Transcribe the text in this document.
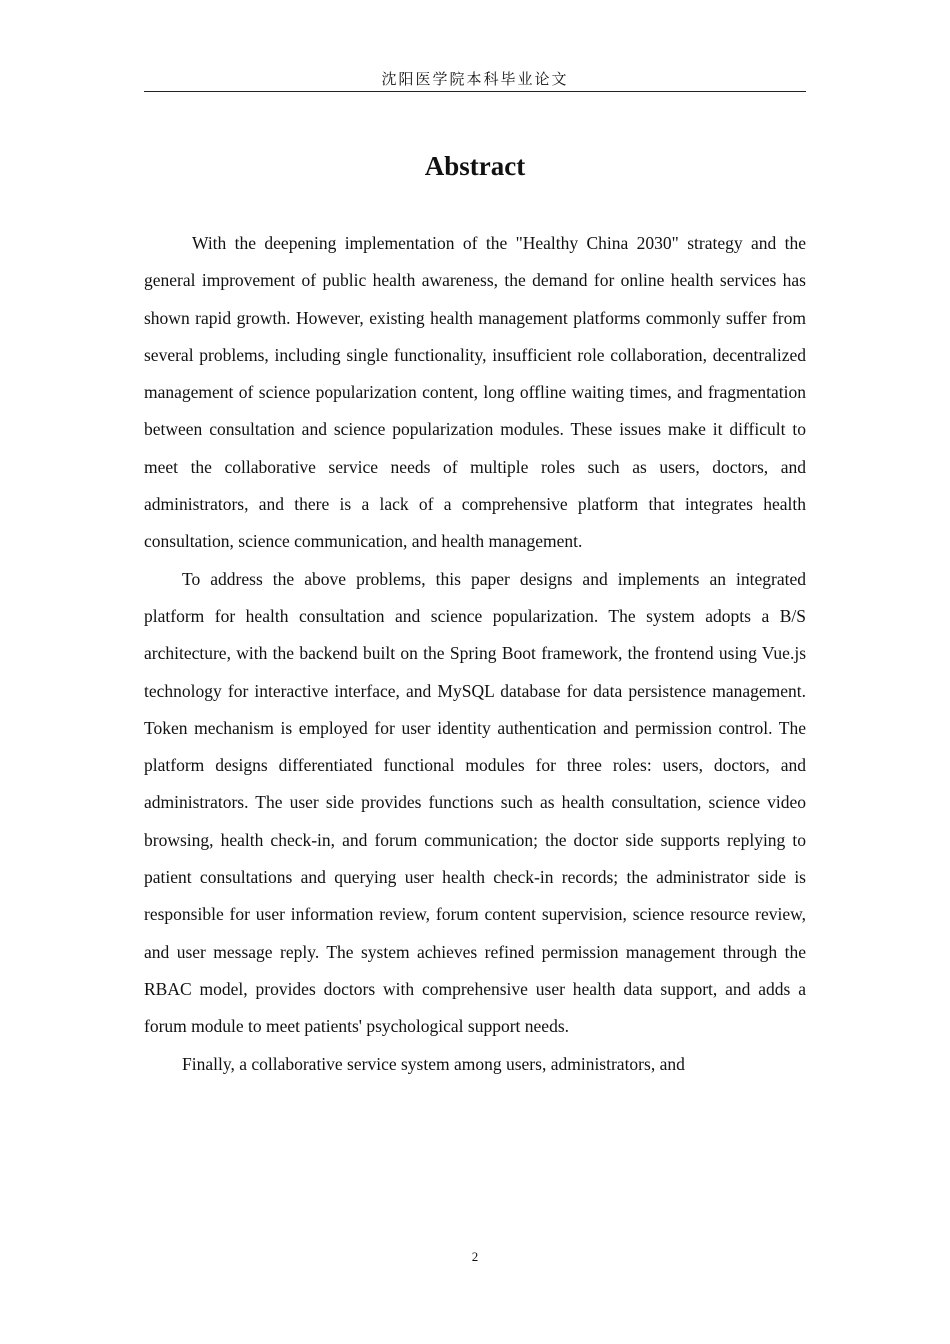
沈阳医学院本科毕业论文
Abstract

With the deepening implementation of the "Healthy China 2030" strategy and the general improvement of public health awareness, the demand for online health services has shown rapid growth. However, existing health management platforms commonly suffer from several problems, including single functionality, insufficient role collaboration, decentralized management of science popularization content, long offline waiting times, and fragmentation between consultation and science popularization modules. These issues make it difficult to meet the collaborative service needs of multiple roles such as users, doctors, and administrators, and there is a lack of a comprehensive platform that integrates health consultation, science communication, and health management.

To address the above problems, this paper designs and implements an integrated platform for health consultation and science popularization. The system adopts a B/S architecture, with the backend built on the Spring Boot framework, the frontend using Vue.js technology for interactive interface, and MySQL database for data persistence management. Token mechanism is employed for user identity authentication and permission control. The platform designs differentiated functional modules for three roles: users, doctors, and administrators. The user side provides functions such as health consultation, science video browsing, health check-in, and forum communication; the doctor side supports replying to patient consultations and querying user health check-in records; the administrator side is responsible for user information review, forum content supervision, science resource review, and user message reply. The system achieves refined permission management through the RBAC model, provides doctors with comprehensive user health data support, and adds a forum module to meet patients' psychological support needs.

Finally, a collaborative service system among users, administrators, and

2
